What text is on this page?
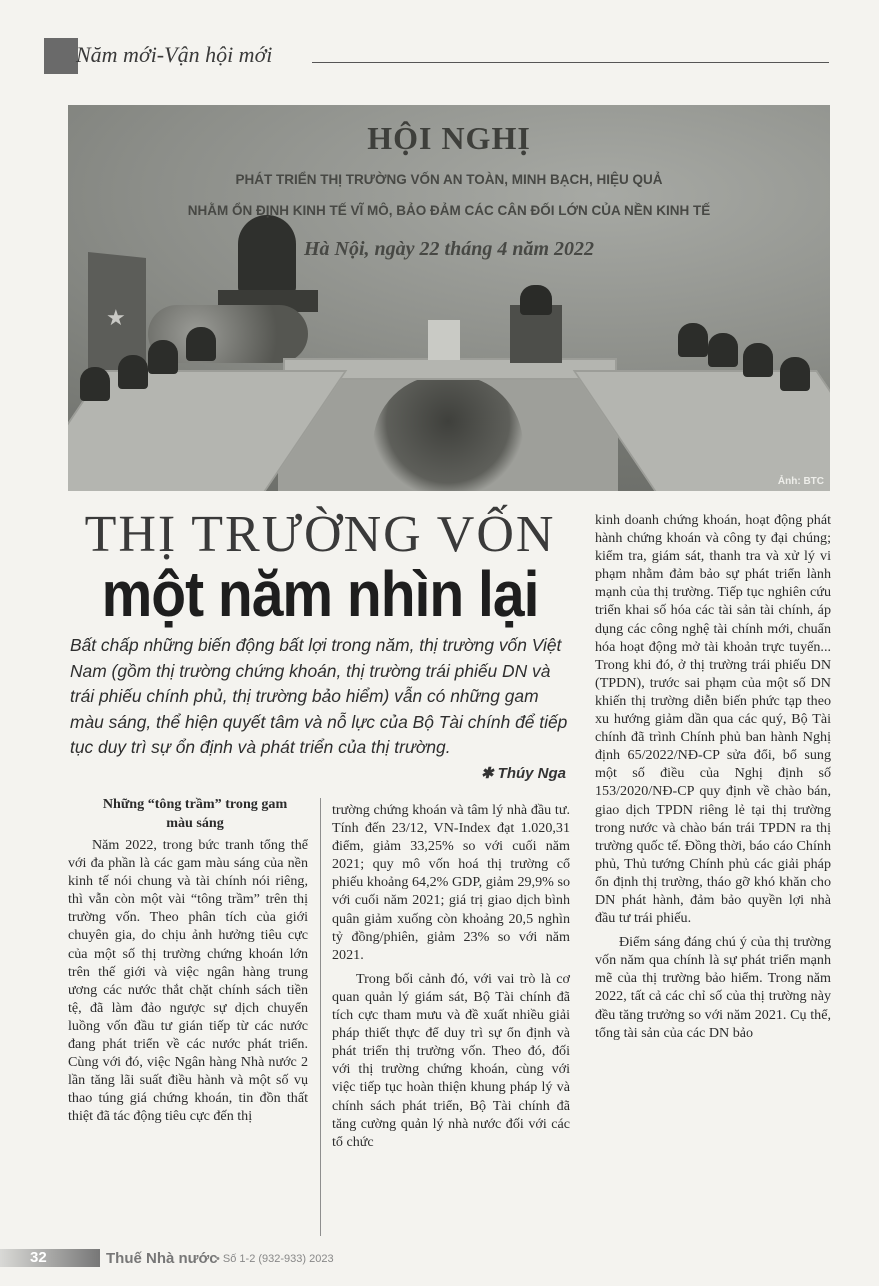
Năm mới-Vận hội mới
★
HỘI NGHỊ
PHÁT TRIỂN THỊ TRƯỜNG VỐN AN TOÀN, MINH BẠCH, HIỆU QUẢ
NHẰM ỔN ĐỊNH KINH TẾ VĨ MÔ, BẢO ĐẢM CÁC CÂN ĐỐI LỚN CỦA NỀN KINH TẾ
Hà Nội, ngày 22 tháng 4 năm 2022
Ảnh: BTC
THỊ TRƯỜNG VỐN
một năm nhìn lại
Bất chấp những biến động bất lợi trong năm, thị trường vốn Việt Nam (gồm thị trường chứng khoán, thị trường trái phiếu DN và trái phiếu chính phủ, thị trường bảo hiểm) vẫn có những gam màu sáng, thể hiện quyết tâm và nỗ lực của Bộ Tài chính để tiếp tục duy trì sự ổn định và phát triển của thị trường.
✱ Thúy Nga
Những “tông trầm” trong gam màu sáng

Năm 2022, trong bức tranh tổng thể với đa phần là các gam màu sáng của nền kinh tế nói chung và tài chính nói riêng, thì vẫn còn một vài “tông trầm” trên thị trường vốn. Theo phân tích của giới chuyên gia, do chịu ảnh hưởng tiêu cực của một số thị trường chứng khoán lớn trên thế giới và việc ngân hàng trung ương các nước thắt chặt chính sách tiền tệ, đã làm đảo ngược sự dịch chuyển luồng vốn đầu tư gián tiếp từ các nước đang phát triển về các nước phát triển. Cùng với đó, việc Ngân hàng Nhà nước 2 lần tăng lãi suất điều hành và một số vụ thao túng giá chứng khoán, tin đồn thất thiệt đã tác động tiêu cực đến thị

trường chứng khoán và tâm lý nhà đầu tư. Tính đến 23/12, VN-Index đạt 1.020,31 điểm, giảm 33,25% so với cuối năm 2021; quy mô vốn hoá thị trường cổ phiếu khoảng 64,2% GDP, giảm 29,9% so với cuối năm 2021; giá trị giao dịch bình quân giảm xuống còn khoảng 20,5 nghìn tỷ đồng/phiên, giảm 23% so với năm 2021.

Trong bối cảnh đó, với vai trò là cơ quan quản lý giám sát, Bộ Tài chính đã tích cực tham mưu và đề xuất nhiều giải pháp thiết thực để duy trì sự ổn định và phát triển thị trường vốn. Theo đó, đối với thị trường chứng khoán, cùng với việc tiếp tục hoàn thiện khung pháp lý và chính sách phát triển, Bộ Tài chính đã tăng cường quản lý nhà nước đối với các tổ chức

kinh doanh chứng khoán, hoạt động phát hành chứng khoán và công ty đại chúng; kiểm tra, giám sát, thanh tra và xử lý vi phạm nhằm đảm bảo sự phát triển lành mạnh của thị trường. Tiếp tục nghiên cứu triển khai số hóa các tài sản tài chính, áp dụng các công nghệ tài chính mới, chuẩn hóa hoạt động mở tài khoản trực tuyến... Trong khi đó, ở thị trường trái phiếu DN (TPDN), trước sai phạm của một số DN khiến thị trường diễn biến phức tạp theo xu hướng giảm dần qua các quý, Bộ Tài chính đã trình Chính phủ ban hành Nghị định 65/2022/NĐ-CP sửa đổi, bổ sung một số điều của Nghị định số 153/2020/NĐ-CP quy định về chào bán, giao dịch TPDN riêng lẻ tại thị trường trong nước và chào bán trái TPDN ra thị trường quốc tế. Đồng thời, báo cáo Chính phủ, Thủ tướng Chính phủ các giải pháp ổn định thị trường, tháo gỡ khó khăn cho DN phát hành, đảm bảo quyền lợi nhà đầu tư trái phiếu.

Điểm sáng đáng chú ý của thị trường vốn năm qua chính là sự phát triển mạnh mẽ của thị trường bảo hiểm. Trong năm 2022, tất cả các chỉ số của thị trường này đều tăng trưởng so với năm 2021. Cụ thể, tổng tài sản của các DN bảo

32	Thuế Nhà nước
• Số 1-2 (932-933) 2023
